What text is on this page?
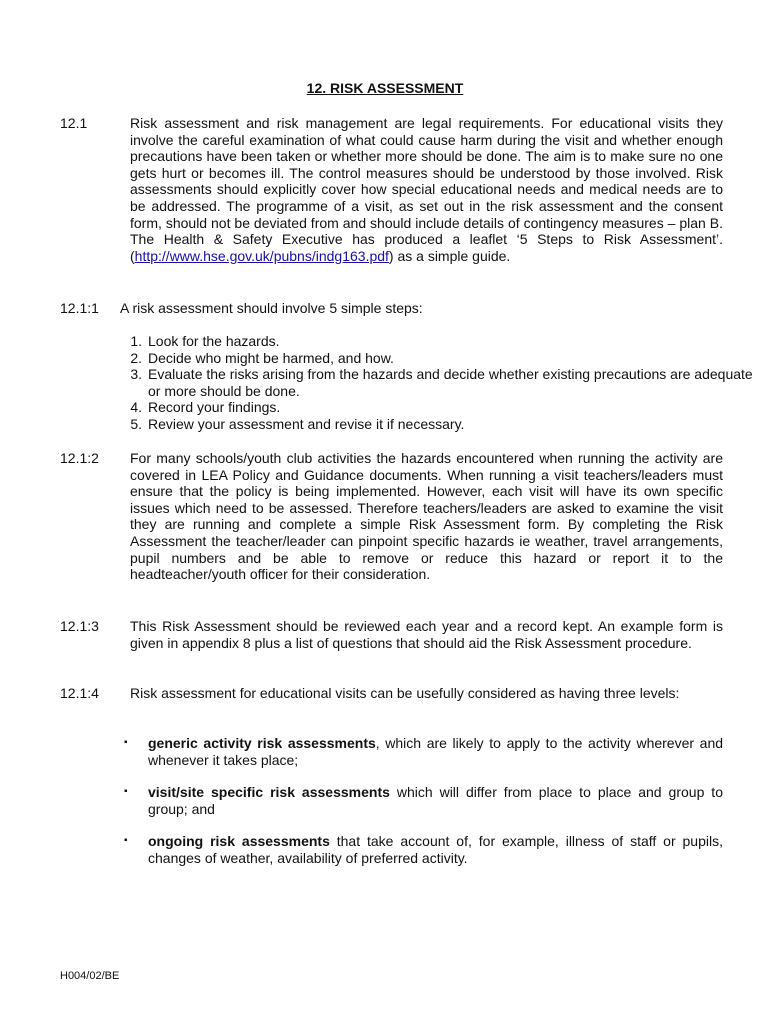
12. RISK ASSESSMENT
12.1	Risk assessment and risk management are legal requirements. For educational visits they involve the careful examination of what could cause harm during the visit and whether enough precautions have been taken or whether more should be done. The aim is to make sure no one gets hurt or becomes ill. The control measures should be understood by those involved. Risk assessments should explicitly cover how special educational needs and medical needs are to be addressed. The programme of a visit, as set out in the risk assessment and the consent form, should not be deviated from and should include details of contingency measures – plan B. The Health & Safety Executive has produced a leaflet ‘5 Steps to Risk Assessment’. (http://www.hse.gov.uk/pubns/indg163.pdf) as a simple guide.
12.1:1 A risk assessment should involve 5 simple steps:
1. Look for the hazards.
2. Decide who might be harmed, and how.
3. Evaluate the risks arising from the hazards and decide whether existing precautions are adequate or more should be done.
4. Record your findings.
5. Review your assessment and revise it if necessary.
12.1:2 For many schools/youth club activities the hazards encountered when running the activity are covered in LEA Policy and Guidance documents. When running a visit teachers/leaders must ensure that the policy is being implemented. However, each visit will have its own specific issues which need to be assessed. Therefore teachers/leaders are asked to examine the visit they are running and complete a simple Risk Assessment form. By completing the Risk Assessment the teacher/leader can pinpoint specific hazards ie weather, travel arrangements, pupil numbers and be able to remove or reduce this hazard or report it to the headteacher/youth officer for their consideration.
12.1:3 This Risk Assessment should be reviewed each year and a record kept. An example form is given in appendix 8 plus a list of questions that should aid the Risk Assessment procedure.
12.1:4 Risk assessment for educational visits can be usefully considered as having three levels:
▪ generic activity risk assessments, which are likely to apply to the activity wherever and whenever it takes place;
▪ visit/site specific risk assessments which will differ from place to place and group to group; and
▪ ongoing risk assessments that take account of, for example, illness of staff or pupils, changes of weather, availability of preferred activity.
H004/02/BE
